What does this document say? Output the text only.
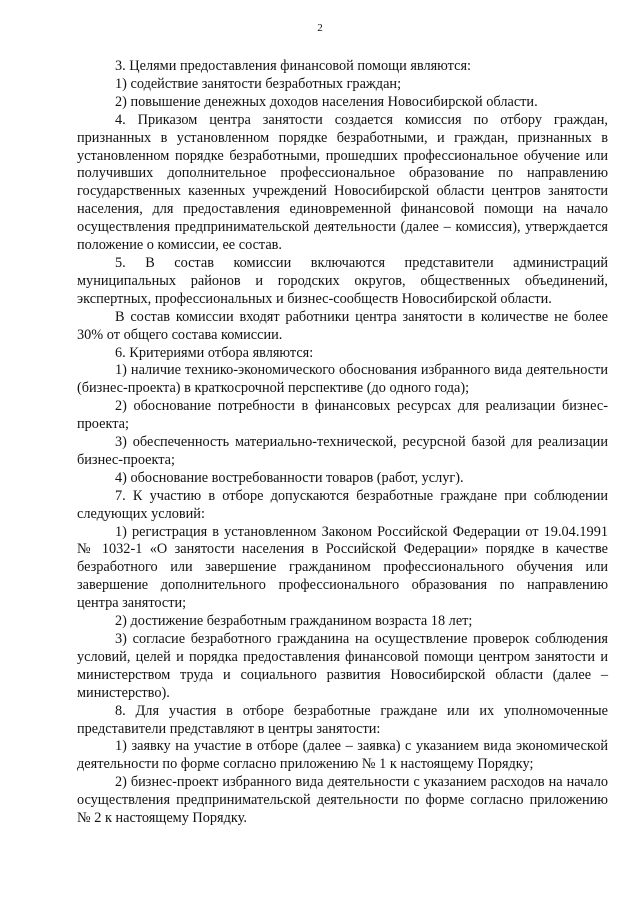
2

3. Целями предоставления финансовой помощи являются:

1) содействие занятости безработных граждан;

2) повышение денежных доходов населения Новосибирской области.

4. Приказом центра занятости создается комиссия по отбору граждан, признанных в установленном порядке безработными, и граждан, признанных в установленном порядке безработными, прошедших профессиональное обучение или получивших дополнительное профессиональное образование по направлению государственных казенных учреждений Новосибирской области центров занятости населения, для предоставления единовременной финансовой помощи на начало осуществления предпринимательской деятельности (далее – комиссия), утверждается положение о комиссии, ее состав.

5. В состав комиссии включаются представители администраций муниципальных районов и городских округов, общественных объединений, экспертных, профессиональных и бизнес-сообществ Новосибирской области.

В состав комиссии входят работники центра занятости в количестве не более 30% от общего состава комиссии.

6. Критериями отбора являются:

1) наличие технико-экономического обоснования избранного вида деятельности (бизнес-проекта) в краткосрочной перспективе (до одного года);

2) обоснование потребности в финансовых ресурсах для реализации бизнес-проекта;

3) обеспеченность материально-технической, ресурсной базой для реализации бизнес-проекта;

4) обоснование востребованности товаров (работ, услуг).

7. К участию в отборе допускаются безработные граждане при соблюдении следующих условий:

1) регистрация в установленном Законом Российской Федерации от 19.04.1991 № 1032-1 «О занятости населения в Российской Федерации» порядке в качестве безработного или завершение гражданином профессионального обучения или завершение дополнительного профессионального образования по направлению центра занятости;

2) достижение безработным гражданином возраста 18 лет;

3) согласие безработного гражданина на осуществление проверок соблюдения условий, целей и порядка предоставления финансовой помощи центром занятости и министерством труда и социального развития Новосибирской области (далее – министерство).

8. Для участия в отборе безработные граждане или их уполномоченные представители представляют в центры занятости:

1) заявку на участие в отборе (далее – заявка) с указанием вида экономической деятельности по форме согласно приложению № 1 к настоящему Порядку;

2) бизнес-проект избранного вида деятельности с указанием расходов на начало осуществления предпринимательской деятельности по форме согласно приложению № 2 к настоящему Порядку.
